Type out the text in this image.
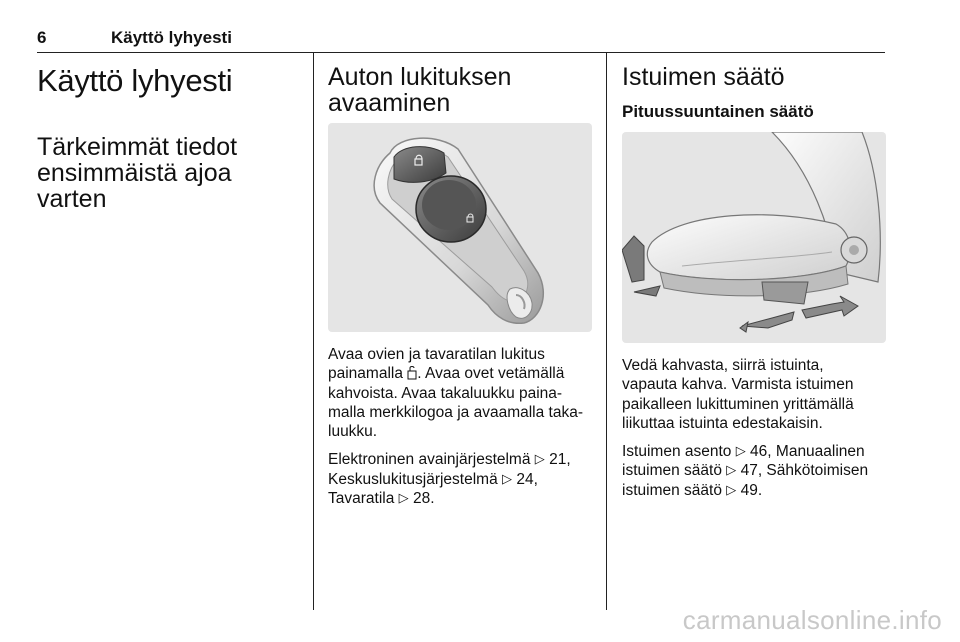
6	Käyttö lyhyesti
Käyttö lyhyesti
Tärkeimmät tiedot
ensimmäistä ajoa
varten
Auton lukituksen
avaaminen

Avaa ovien ja tavaratilan lukitus
painamalla . Avaa ovet vetämällä
kahvoista. Avaa takaluukku paina-
malla merkkilogoa ja avaamalla taka-
luukku.

Elektroninen avainjärjestelmä ▷ 21,
Keskuslukitusjärjestelmä ▷ 24,
Tavaratila ▷ 28.

Istuimen säätö
Pituussuuntainen säätö

Vedä kahvasta, siirrä istuinta,
vapauta kahva. Varmista istuimen
paikalleen lukittuminen yrittämällä
liikuttaa istuinta edestakaisin.

Istuimen asento ▷ 46, Manuaalinen
istuimen säätö ▷ 47, Sähkötoimisen
istuimen säätö ▷ 49.

carmanualsonline.info
